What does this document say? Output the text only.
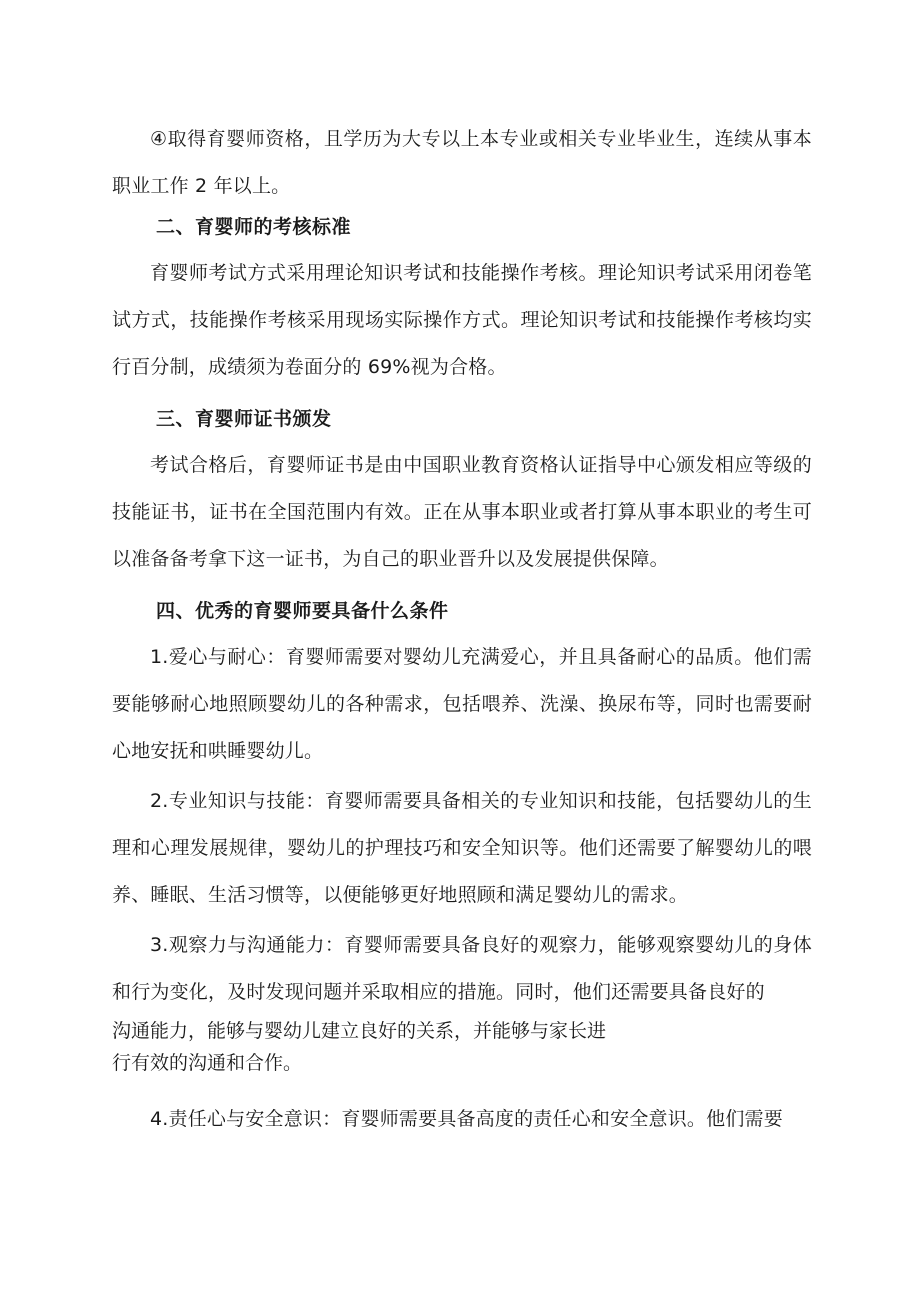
④取得育婴师资格，且学历为大专以上本专业或相关专业毕业生，连续从事本职业工作 2 年以上。

二、育婴师的考核标准

育婴师考试方式采用理论知识考试和技能操作考核。理论知识考试采用闭卷笔试方式，技能操作考核采用现场实际操作方式。理论知识考试和技能操作考核均实行百分制，成绩须为卷面分的 69%视为合格。

三、育婴师证书颁发

考试合格后，育婴师证书是由中国职业教育资格认证指导中心颁发相应等级的技能证书，证书在全国范围内有效。正在从事本职业或者打算从事本职业的考生可以准备备考拿下这一证书，为自己的职业晋升以及发展提供保障。

四、优秀的育婴师要具备什么条件

1.爱心与耐心：育婴师需要对婴幼儿充满爱心，并且具备耐心的品质。他们需要能够耐心地照顾婴幼儿的各种需求，包括喂养、洗澡、换尿布等，同时也需要耐心地安抚和哄睡婴幼儿。

2.专业知识与技能：育婴师需要具备相关的专业知识和技能，包括婴幼儿的生理和心理发展规律，婴幼儿的护理技巧和安全知识等。他们还需要了解婴幼儿的喂养、睡眠、生活习惯等，以便能够更好地照顾和满足婴幼儿的需求。

3.观察力与沟通能力：育婴师需要具备良好的观察力，能够观察婴幼儿的身体和行为变化，及时发现问题并采取相应的措施。同时，他们还需要具备良好的

沟通能力，能够与婴幼儿建立良好的关系，并能够与家长进

行有效的沟通和合作。

4.责任心与安全意识：育婴师需要具备高度的责任心和安全意识。他们需要
